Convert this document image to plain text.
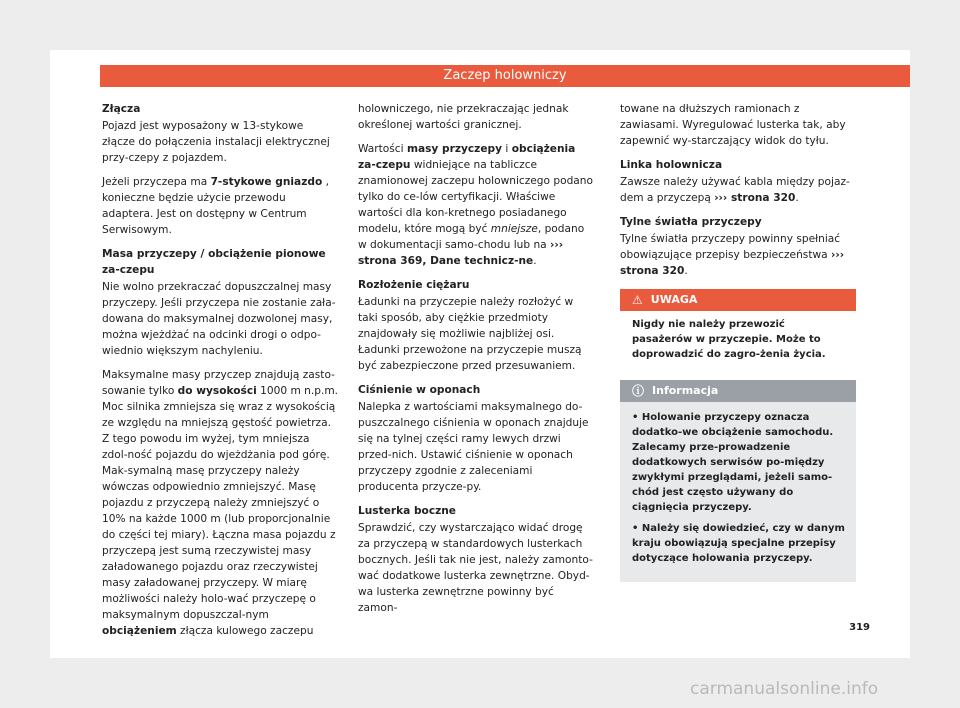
Zaczep holowniczy
Złącza

Pojazd jest wyposażony w 13-stykowe złącze do połączenia instalacji elektrycznej przy-czepy z pojazdem.

Jeżeli przyczepa ma 7-stykowe gniazdo , konieczne będzie użycie przewodu adaptera. Jest on dostępny w Centrum Serwisowym.

Masa przyczepy / obciążenie pionowe za-czepu

Nie wolno przekraczać dopuszczalnej masy przyczepy. Jeśli przyczepa nie zostanie zała-dowana do maksymalnej dozwolonej masy, można wjeżdżać na odcinki drogi o odpo-wiednio większym nachyleniu.

Maksymalne masy przyczep znajdują zasto-sowanie tylko do wysokości 1000 m n.p.m. Moc silnika zmniejsza się wraz z wysokością ze względu na mniejszą gęstość powietrza. Z tego powodu im wyżej, tym mniejsza zdol-ność pojazdu do wjeżdżania pod górę. Mak-symalną masę przyczepy należy wówczas odpowiednio zmniejszyć. Masę pojazdu z przyczepą należy zmniejszyć o 10% na każde 1000 m (lub proporcjonalnie do części tej miary). Łączna masa pojazdu z przyczepą jest sumą rzeczywistej masy załadowanego pojazdu oraz rzeczywistej masy załadowanej przyczepy. W miarę możliwości należy holo-wać przyczepę o maksymalnym dopuszczal-nym obciążeniem złącza kulowego zaczepu

holowniczego, nie przekraczając jednak określonej wartości granicznej.

Wartości masy przyczepy i obciążenia za-czepu widniejące na tabliczce znamionowej zaczepu holowniczego podano tylko do ce-lów certyfikacji. Właściwe wartości dla kon-kretnego posiadanego modelu, które mogą być mniejsze, podano w dokumentacji samo-chodu lub na ››› strona 369, Dane technicz-ne.

Rozłożenie ciężaru

Ładunki na przyczepie należy rozłożyć w taki sposób, aby ciężkie przedmioty znajdowały się możliwie najbliżej osi. Ładunki przewożone na przyczepie muszą być zabezpieczone przed przesuwaniem.

Ciśnienie w oponach

Nalepka z wartościami maksymalnego do-puszczalnego ciśnienia w oponach znajduje się na tylnej części ramy lewych drzwi przed-nich. Ustawić ciśnienie w oponach przyczepy zgodnie z zaleceniami producenta przycze-py.

Lusterka boczne

Sprawdzić, czy wystarczająco widać drogę za przyczepą w standardowych lusterkach bocznych. Jeśli tak nie jest, należy zamonto-wać dodatkowe lusterka zewnętrzne. Obyd-wa lusterka zewnętrzne powinny być zamon-

towane na dłuższych ramionach z zawiasami. Wyregulować lusterka tak, aby zapewnić wy-starczający widok do tyłu.

Linka holownicza

Zawsze należy używać kabla między pojaz-dem a przyczepą ››› strona 320.

Tylne światła przyczepy

Tylne światła przyczepy powinny spełniać obowiązujące przepisy bezpieczeństwa ››› strona 320.

⚠ UWAGA
Nigdy nie należy przewozić pasażerów w przyczepie. Może to doprowadzić do zagro-żenia życia.
ⓘ Informacja

• Holowanie przyczepy oznacza dodatko-we obciążenie samochodu. Zalecamy prze-prowadzenie dodatkowych serwisów po-między zwykłymi przeglądami, jeżeli samo-chód jest często używany do ciągnięcia przyczepy.

• Należy się dowiedzieć, czy w danym kraju obowiązują specjalne przepisy dotyczące holowania przyczepy.

319
carmanualsonline.info
